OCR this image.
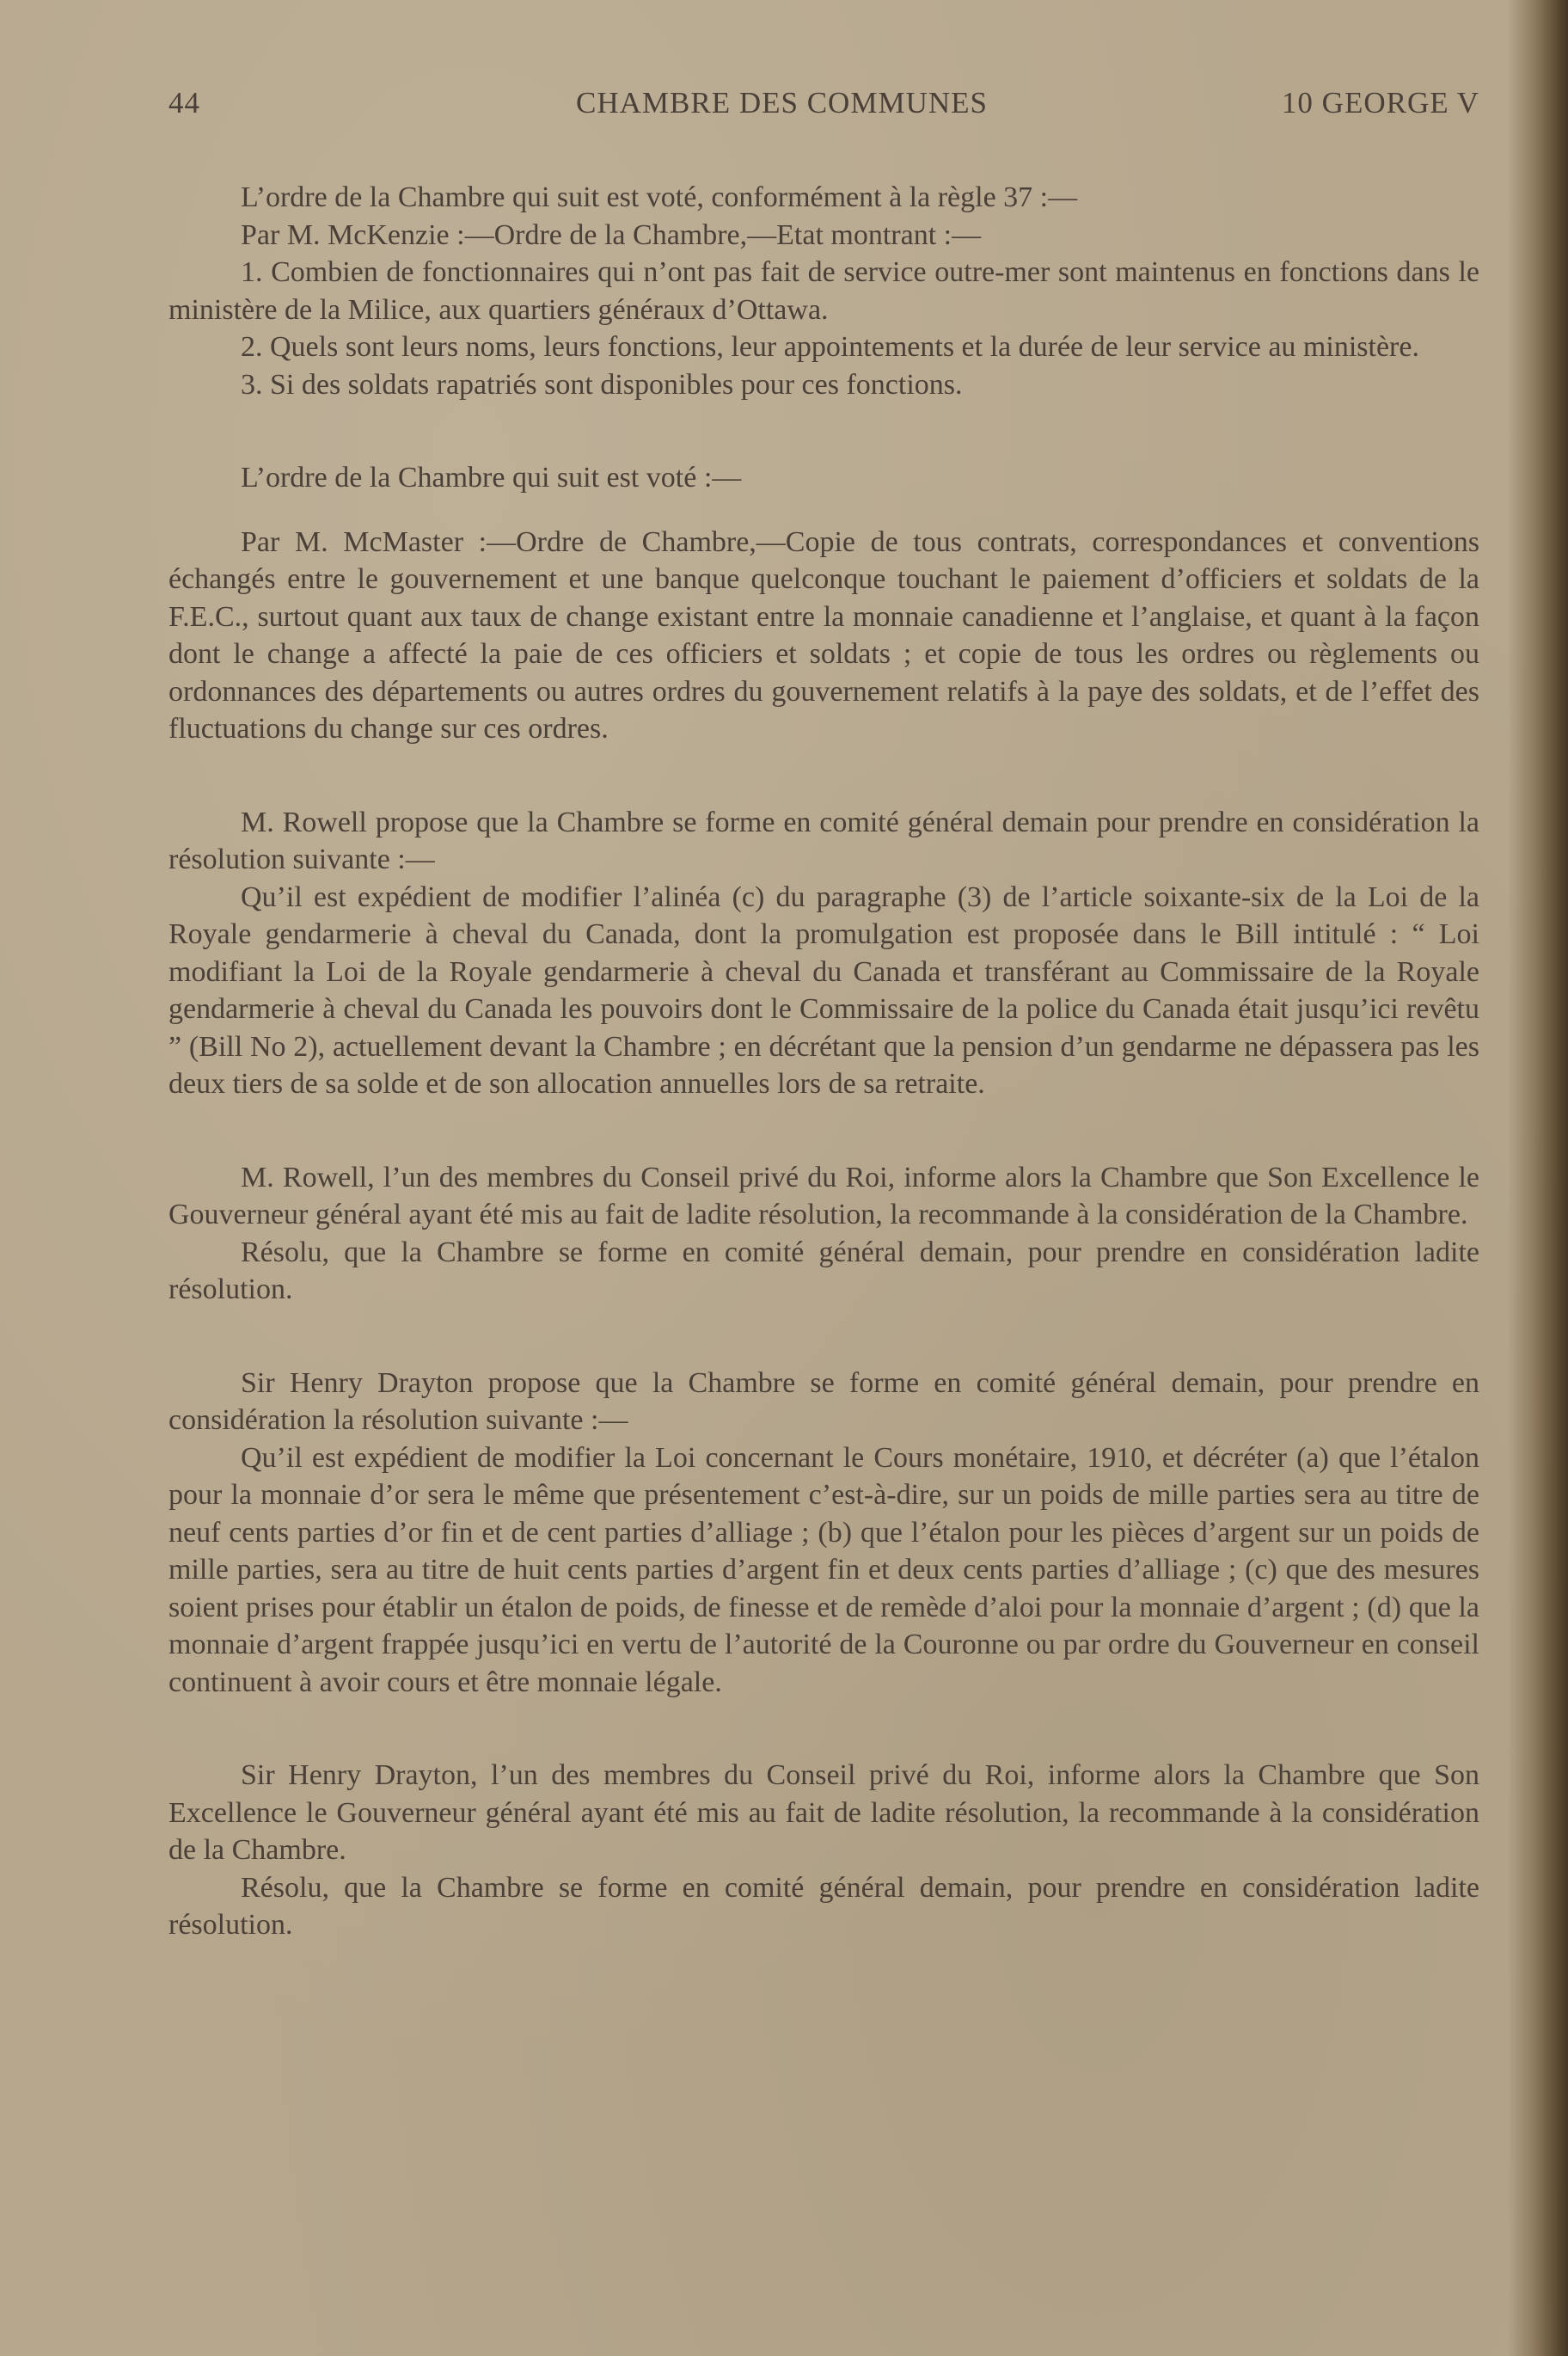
44	CHAMBRE DES COMMUNES	10 GEORGE V

L’ordre de la Chambre qui suit est voté, conformément à la règle 37 :—

Par M. McKenzie :—Ordre de la Chambre,—Etat montrant :—

1. Combien de fonctionnaires qui n’ont pas fait de service outre-mer sont maintenus en fonctions dans le ministère de la Milice, aux quartiers généraux d’Ottawa.

2. Quels sont leurs noms, leurs fonctions, leur appointements et la durée de leur service au ministère.

3. Si des soldats rapatriés sont disponibles pour ces fonctions.

L’ordre de la Chambre qui suit est voté :—

Par M. McMaster :—Ordre de Chambre,—Copie de tous contrats, correspondances et conventions échangés entre le gouvernement et une banque quelconque touchant le paiement d’officiers et soldats de la F.E.C., surtout quant aux taux de change existant entre la monnaie canadienne et l’anglaise, et quant à la façon dont le change a affecté la paie de ces officiers et soldats ; et copie de tous les ordres ou règlements ou ordonnances des départements ou autres ordres du gouvernement relatifs à la paye des soldats, et de l’effet des fluctuations du change sur ces ordres.

M. Rowell propose que la Chambre se forme en comité général demain pour prendre en considération la résolution suivante :—

Qu’il est expédient de modifier l’alinéa (c) du paragraphe (3) de l’article soixante-six de la Loi de la Royale gendarmerie à cheval du Canada, dont la promulgation est proposée dans le Bill intitulé : “ Loi modifiant la Loi de la Royale gendarmerie à cheval du Canada et transférant au Commissaire de la Royale gendarmerie à cheval du Canada les pouvoirs dont le Commissaire de la police du Canada était jusqu’ici revêtu ” (Bill No 2), actuellement devant la Chambre ; en décrétant que la pension d’un gendarme ne dépassera pas les deux tiers de sa solde et de son allocation annuelles lors de sa retraite.

M. Rowell, l’un des membres du Conseil privé du Roi, informe alors la Chambre que Son Excellence le Gouverneur général ayant été mis au fait de ladite résolution, la recommande à la considération de la Chambre.

Résolu, que la Chambre se forme en comité général demain, pour prendre en considération ladite résolution.

Sir Henry Drayton propose que la Chambre se forme en comité général demain, pour prendre en considération la résolution suivante :—

Qu’il est expédient de modifier la Loi concernant le Cours monétaire, 1910, et décréter (a) que l’étalon pour la monnaie d’or sera le même que présentement c’est-à-dire, sur un poids de mille parties sera au titre de neuf cents parties d’or fin et de cent parties d’alliage ; (b) que l’étalon pour les pièces d’argent sur un poids de mille parties, sera au titre de huit cents parties d’argent fin et deux cents parties d’alliage ; (c) que des mesures soient prises pour établir un étalon de poids, de finesse et de remède d’aloi pour la monnaie d’argent ; (d) que la monnaie d’argent frappée jusqu’ici en vertu de l’autorité de la Couronne ou par ordre du Gouverneur en conseil continuent à avoir cours et être monnaie légale.

Sir Henry Drayton, l’un des membres du Conseil privé du Roi, informe alors la Chambre que Son Excellence le Gouverneur général ayant été mis au fait de ladite résolution, la recommande à la considération de la Chambre.

Résolu, que la Chambre se forme en comité général demain, pour prendre en considération ladite résolution.
